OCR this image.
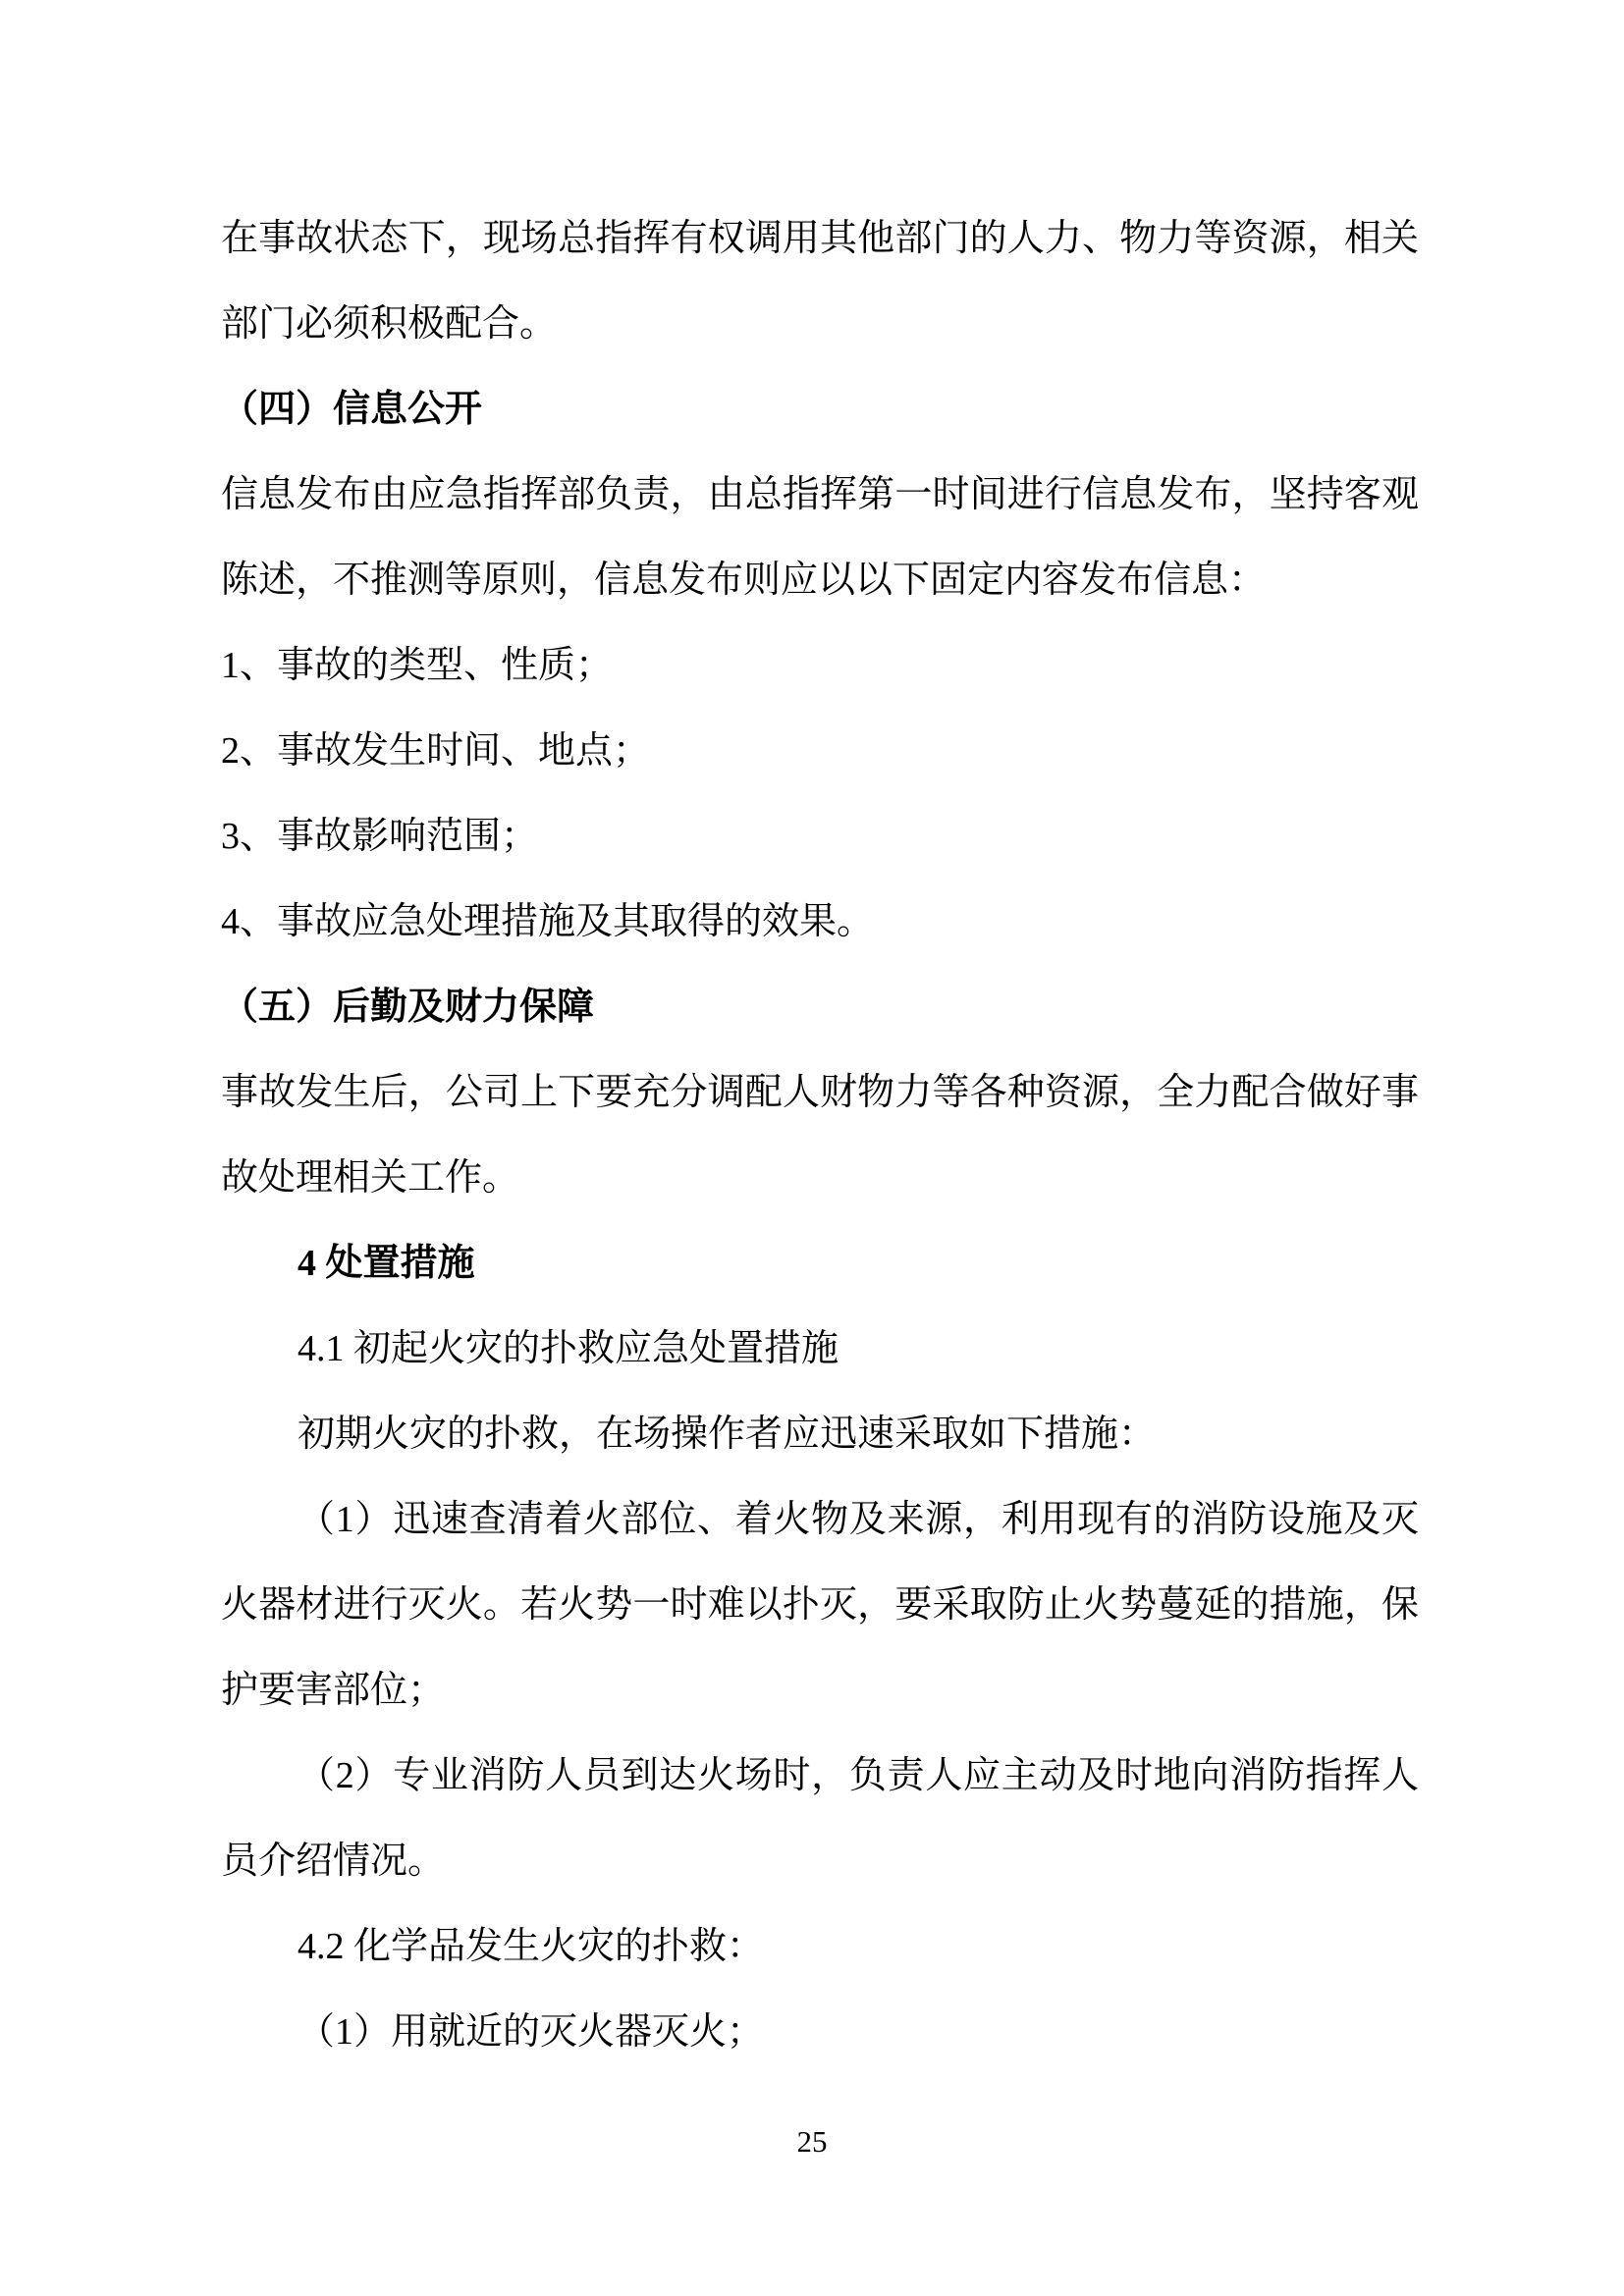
在事故状态下，现场总指挥有权调用其他部门的人力、物力等资源，相关
部门必须积极配合。
（四）信息公开
信息发布由应急指挥部负责，由总指挥第一时间进行信息发布，坚持客观
陈述，不推测等原则，信息发布则应以以下固定内容发布信息：
1、事故的类型、性质；
2、事故发生时间、地点；
3、事故影响范围；
4、事故应急处理措施及其取得的效果。
（五）后勤及财力保障
事故发生后，公司上下要充分调配人财物力等各种资源，全力配合做好事
故处理相关工作。
4 处置措施
4.1 初起火灾的扑救应急处置措施
初期火灾的扑救，在场操作者应迅速采取如下措施：
（1）迅速查清着火部位、着火物及来源，利用现有的消防设施及灭
火器材进行灭火。若火势一时难以扑灭，要采取防止火势蔓延的措施，保
护要害部位；
（2）专业消防人员到达火场时，负责人应主动及时地向消防指挥人
员介绍情况。
4.2 化学品发生火灾的扑救：
（1）用就近的灭火器灭火；
25
